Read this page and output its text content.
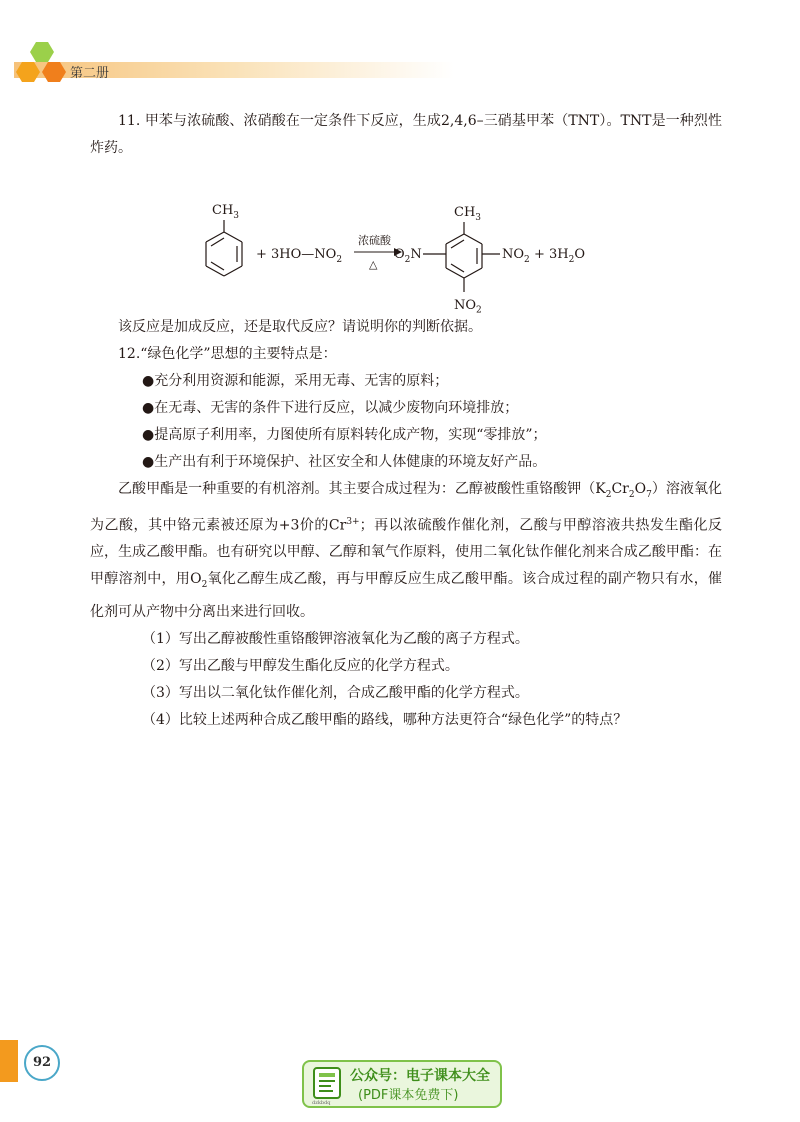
第二册

11. 甲苯与浓硫酸、浓硝酸在一定条件下反应，生成2,4,6–三硝基甲苯（TNT）。TNT是一种烈性炸药。

$CH_3$
+ $3HO—NO_2$
浓硫酸
△
$O_2N$
$CH_3$
$NO_2 + 3H_2O$
$NO_2$

该反应是加成反应，还是取代反应？请说明你的判断依据。

12.“绿色化学”思想的主要特点是：

●充分利用资源和能源，采用无毒、无害的原料；

●在无毒、无害的条件下进行反应，以减少废物向环境排放；

●提高原子利用率，力图使所有原料转化成产物，实现“零排放”；

●生产出有利于环境保护、社区安全和人体健康的环境友好产品。

乙酸甲酯是一种重要的有机溶剂。其主要合成过程为：乙醇被酸性重铬酸钾$(K_2Cr_2O_7)$溶液氧化为乙酸，其中铬元素被还原为+3价的$Cr^{3+}$；再以浓硫酸作催化剂，乙酸与甲醇溶液共热发生酯化反应，生成乙酸甲酯。也有研究以甲醇、乙醇和氧气作原料，使用二氧化钛作催化剂来合成乙酸甲酯：在甲醇溶剂中，用$O_2$氧化乙醇生成乙酸，再与甲醇反应生成乙酸甲酯。该合成过程的副产物只有水，催化剂可从产物中分离出来进行回收。

（1）写出乙醇被酸性重铬酸钾溶液氧化为乙酸的离子方程式。

（2）写出乙酸与甲醇发生酯化反应的化学方程式。

（3）写出以二氧化钛作催化剂，合成乙酸甲酯的化学方程式。

（4）比较上述两种合成乙酸甲酯的路线，哪种方法更符合“绿色化学”的特点？

92
公众号：电子课本大全
(PDF课本免费下)
dzkbdq
